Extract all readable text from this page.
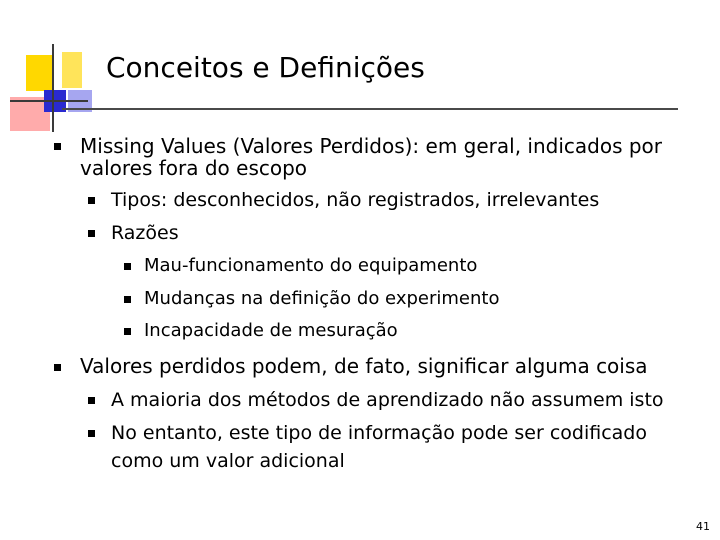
Conceitos e Definições

Missing Values (Valores Perdidos): em geral, indicados por

valores fora do escopo

Tipos: desconhecidos, não registrados, irrelevantes

Razões

Mau-funcionamento do equipamento

Mudanças na definição do experimento

Incapacidade de mesuração

Valores perdidos podem, de fato, significar alguma coisa

A maioria dos métodos de aprendizado não assumem isto

No entanto, este tipo de informação pode ser codificado

como um valor adicional

41
